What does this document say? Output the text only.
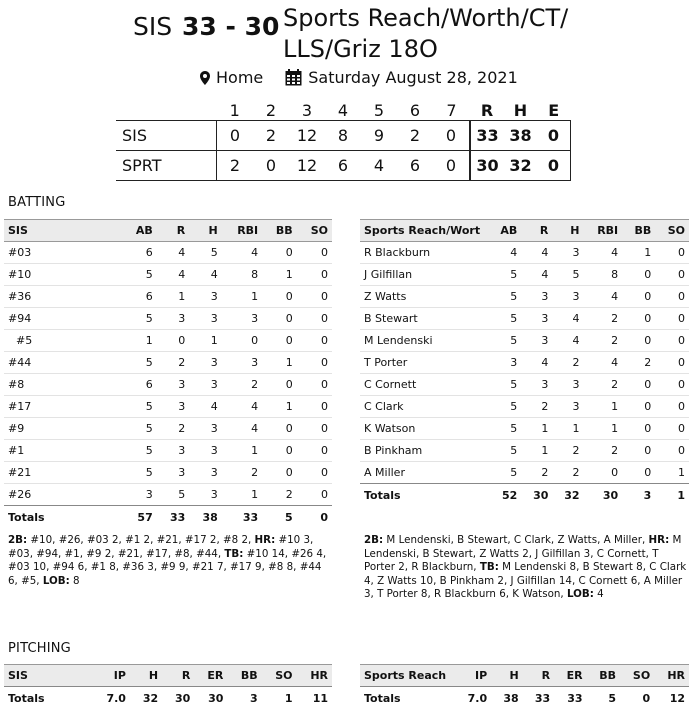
SIS 33 - 30 Sports Reach/Worth/CT/
LLS/Griz 18O
Home	Saturday August 28, 2021
	1	2	3	4	5	6	7	R	H	E
SIS	0	2	12	8	9	2	0	33	38	0
SPRT	2	0	12	6	4	6	0	30	32	0
BATTING
SIS	AB	R	H	RBI	BB	SO
#03	6	4	5	4	0	0
#10	5	4	4	8	1	0
#36	6	1	3	1	0	0
#94	5	3	3	3	0	0
#5	1	0	1	0	0	0
#44	5	2	3	3	1	0
#8	6	3	3	2	0	0
#17	5	3	4	4	1	0
#9	5	2	3	4	0	0
#1	5	3	3	1	0	0
#21	5	3	3	2	0	0
#26	3	5	3	1	2	0
Totals	57	33	38	33	5	0
Sports Reach/Wort	AB	R	H	RBI	BB	SO
R Blackburn	4	4	3	4	1	0
J Gilfillan	5	4	5	8	0	0
Z Watts	5	3	3	4	0	0
B Stewart	5	3	4	2	0	0
M Lendenski	5	3	4	2	0	0
T Porter	3	4	2	4	2	0
C Cornett	5	3	3	2	0	0
C Clark	5	2	3	1	0	0
K Watson	5	1	1	1	0	0
B Pinkham	5	1	2	2	0	0
A Miller	5	2	2	0	0	1
Totals	52	30	32	30	3	1
2B: #10, #26, #03 2, #1 2, #21, #17 2, #8 2, HR: #10 3, #03, #94, #1, #9 2, #21, #17, #8, #44, TB: #10 14, #26 4, #03 10, #94 6, #1 8, #36 3, #9 9, #21 7, #17 9, #8 8, #44 6, #5, LOB: 8
2B: M Lendenski, B Stewart, C Clark, Z Watts, A Miller, HR: M Lendenski, B Stewart, Z Watts 2, J Gilfillan 3, C Cornett, T Porter 2, R Blackburn, TB: M Lendenski 8, B Stewart 8, C Clark 4, Z Watts 10, B Pinkham 2, J Gilfillan 14, C Cornett 6, A Miller 3, T Porter 8, R Blackburn 6, K Watson, LOB: 4
PITCHING
SIS	IP	H	R	ER	BB	SO	HR
Totals	7.0	32	30	30	3	1	11
Sports Reach	IP	H	R	ER	BB	SO	HR
Totals	7.0	38	33	33	5	0	12
